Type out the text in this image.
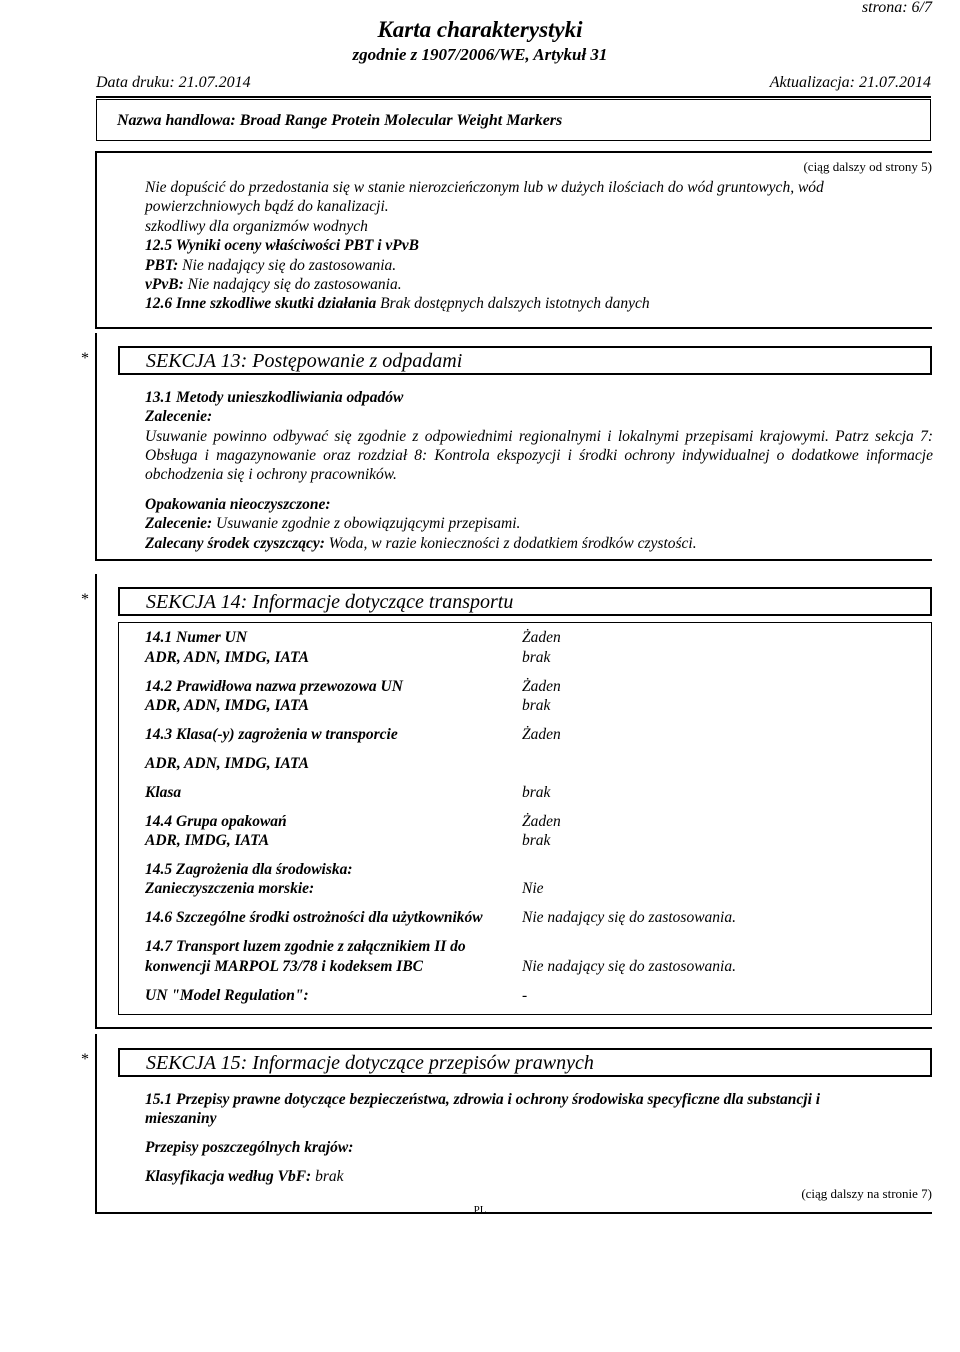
strona: 6/7
Karta charakterystyki
zgodnie z 1907/2006/WE, Artykuł 31
Data druku: 21.07.2014	Aktualizacja: 21.07.2014
Nazwa handlowa: Broad Range Protein Molecular Weight Markers
(ciąg dalszy od strony 5)
Nie dopuścić do przedostania się w stanie nierozcieńczonym lub w dużych ilościach do wód gruntowych, wód
powierzchniowych bądź do kanalizacji.
szkodliwy dla organizmów wodnych
12.5 Wyniki oceny właściwości PBT i vPvB
PBT: Nie nadający się do zastosowania.
vPvB: Nie nadający się do zastosowania.
12.6 Inne szkodliwe skutki działania Brak dostępnych dalszych istotnych danych
*	SEKCJA 13: Postępowanie z odpadami
13.1 Metody unieszkodliwiania odpadów
Zalecenie:
Usuwanie powinno odbywać się zgodnie z odpowiednimi regionalnymi i lokalnymi przepisami krajowymi. Patrz sekcja 7: Obsługa i magazynowanie oraz rozdział 8: Kontrola ekspozycji i środki ochrony indywidualnej o dodatkowe informacje obchodzenia się i ochrony pracowników.
Opakowania nieoczyszczone:
Zalecenie: Usuwanie zgodnie z obowiązującymi przepisami.
Zalecany środek czyszczący: Woda, w razie konieczności z dodatkiem środków czystości.
*	SEKCJA 14: Informacje dotyczące transportu
14.1 Numer UN	Żaden
ADR, ADN, IMDG, IATA	brak
14.2 Prawidłowa nazwa przewozowa UN	Żaden
ADR, ADN, IMDG, IATA	brak
14.3 Klasa(-y) zagrożenia w transporcie	Żaden
ADR, ADN, IMDG, IATA
Klasa	brak
14.4 Grupa opakowań	Żaden
ADR, IMDG, IATA	brak
14.5 Zagrożenia dla środowiska:
Zanieczyszczenia morskie:	Nie
14.6 Szczególne środki ostrożności dla użytkowników	Nie nadający się do zastosowania.
14.7 Transport luzem zgodnie z załącznikiem II do
konwencji MARPOL 73/78 i kodeksem IBC	Nie nadający się do zastosowania.
UN "Model Regulation":	-
*	SEKCJA 15: Informacje dotyczące przepisów prawnych
15.1 Przepisy prawne dotyczące bezpieczeństwa, zdrowia i ochrony środowiska specyficzne dla substancji i
mieszaniny
Przepisy poszczególnych krajów:
Klasyfikacja według VbF: brak
(ciąg dalszy na stronie 7)
PL
